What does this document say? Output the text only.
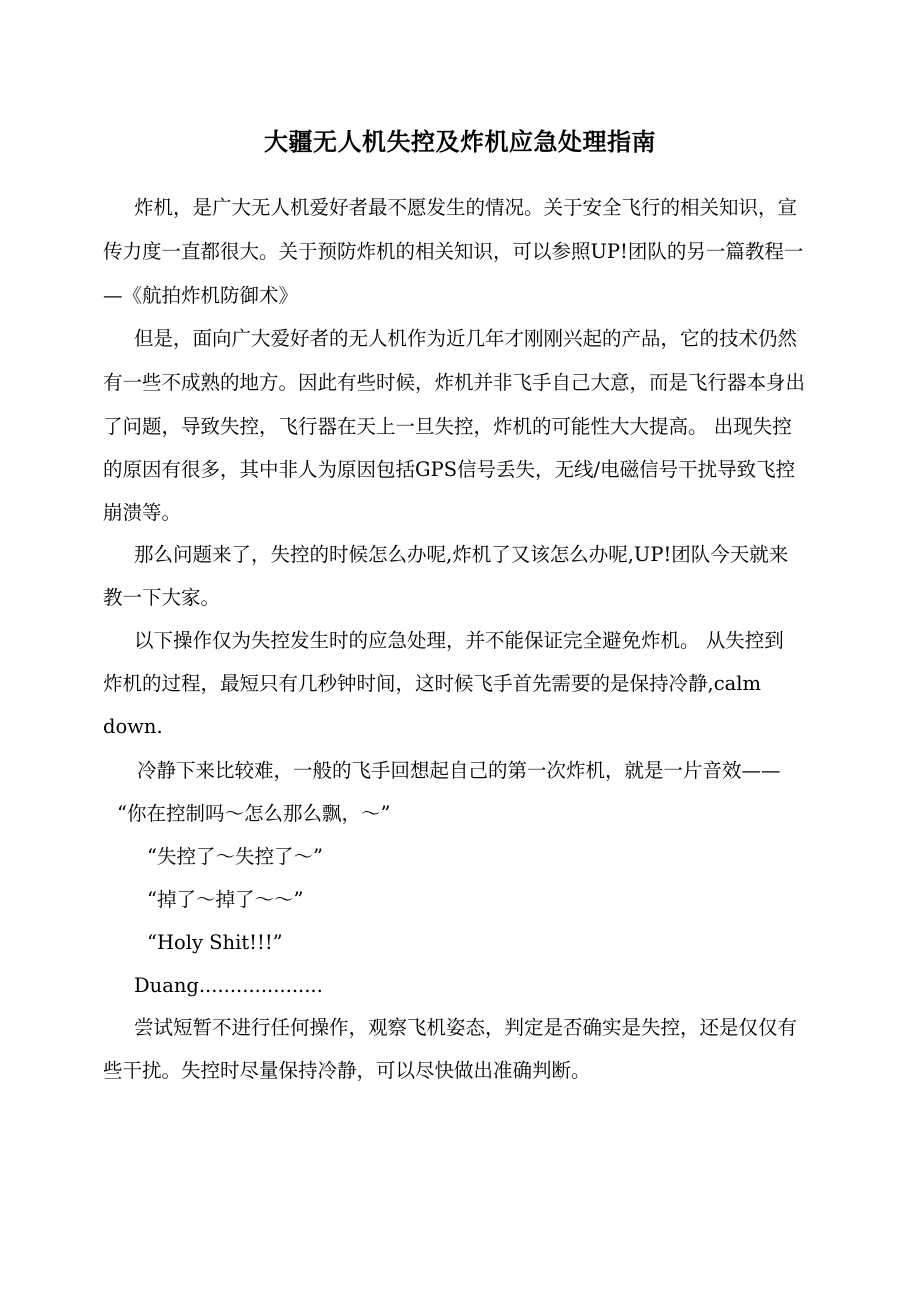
大疆无人机失控及炸机应急处理指南
炸机，是广大无人机爱好者最不愿发生的情况。关于安全飞行的相关知识，宣
传力度一直都很大。关于预防炸机的相关知识，可以参照UP!团队的另一篇教程一
—《航拍炸机防御术》
但是，面向广大爱好者的无人机作为近几年才刚刚兴起的产品，它的技术仍然
有一些不成熟的地方。因此有些时候，炸机并非飞手自己大意，而是飞行器本身出
了问题，导致失控，飞行器在天上一旦失控，炸机的可能性大大提高。 出现失控
的原因有很多，其中非人为原因包括GPS信号丢失，无线/电磁信号干扰导致飞控
崩溃等。
那么问题来了，失控的时候怎么办呢,炸机了又该怎么办呢,UP!团队今天就来
教一下大家。
以下操作仅为失控发生时的应急处理，并不能保证完全避免炸机。 从失控到
炸机的过程，最短只有几秒钟时间，这时候飞手首先需要的是保持冷静,calm
down.
冷静下来比较难，一般的飞手回想起自己的第一次炸机，就是一片音效——
“你在控制吗～怎么那么飘，～”
“失控了～失控了～”
“掉了～掉了～～”
“Holy Shit!!!”
Duang....................
尝试短暂不进行任何操作，观察飞机姿态，判定是否确实是失控，还是仅仅有
些干扰。失控时尽量保持冷静，可以尽快做出准确判断。
